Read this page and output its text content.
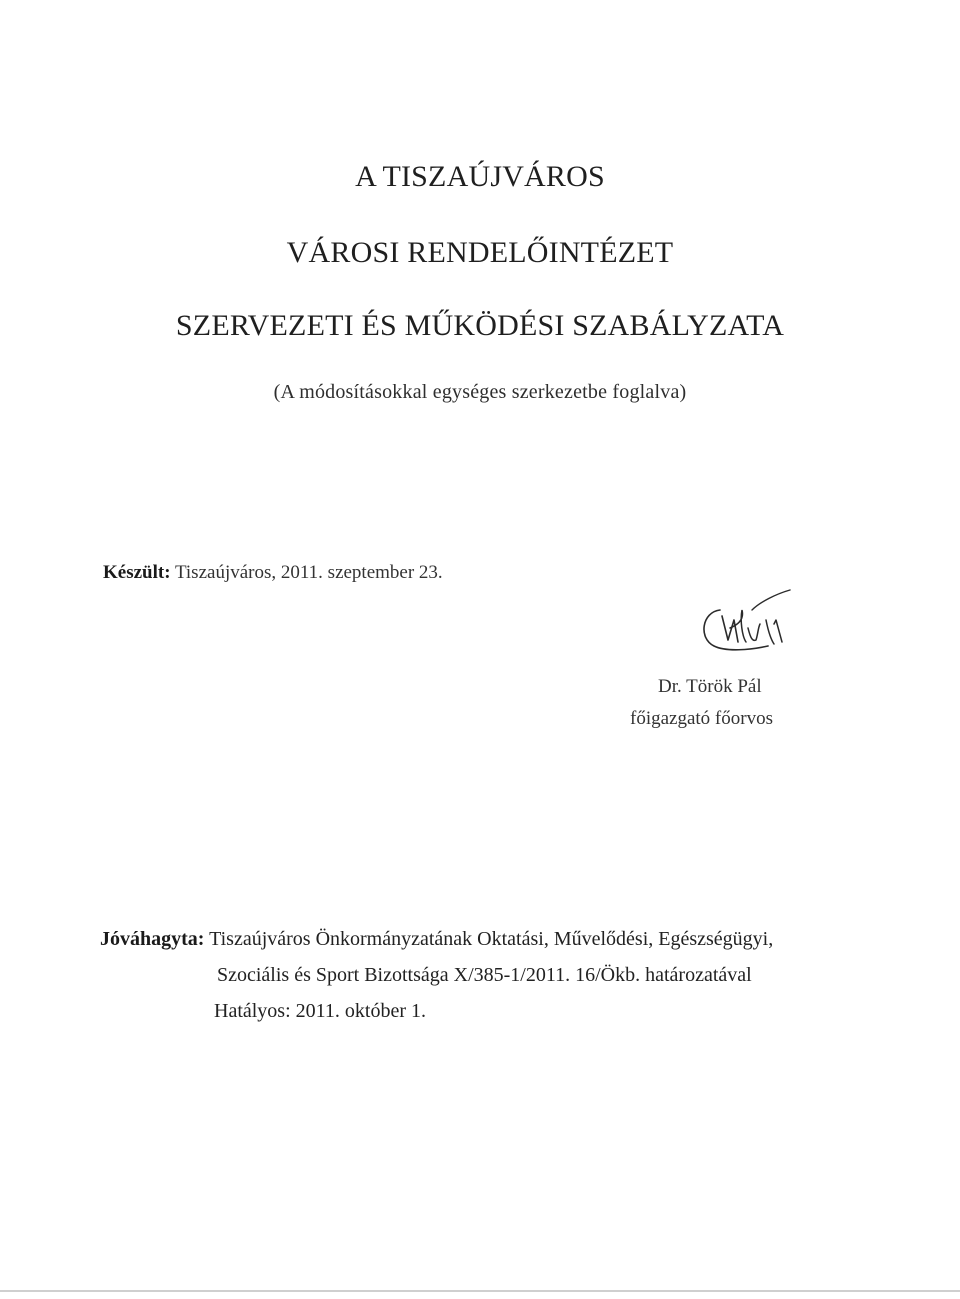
A TISZAÚJVÁROS
VÁROSI RENDELŐINTÉZET
SZERVEZETI ÉS MŰKÖDÉSI SZABÁLYZATA
(A módosításokkal egységes szerkezetbe foglalva)
Készült: Tiszaújváros, 2011. szeptember 23.
Dr. Török Pál
főigazgató főorvos
Jóváhagyta: Tiszaújváros Önkormányzatának Oktatási, Művelődési, Egészségügyi,
Szociális és Sport Bizottsága X/385-1/2011. 16/Ökb. határozatával
Hatályos: 2011. október 1.
